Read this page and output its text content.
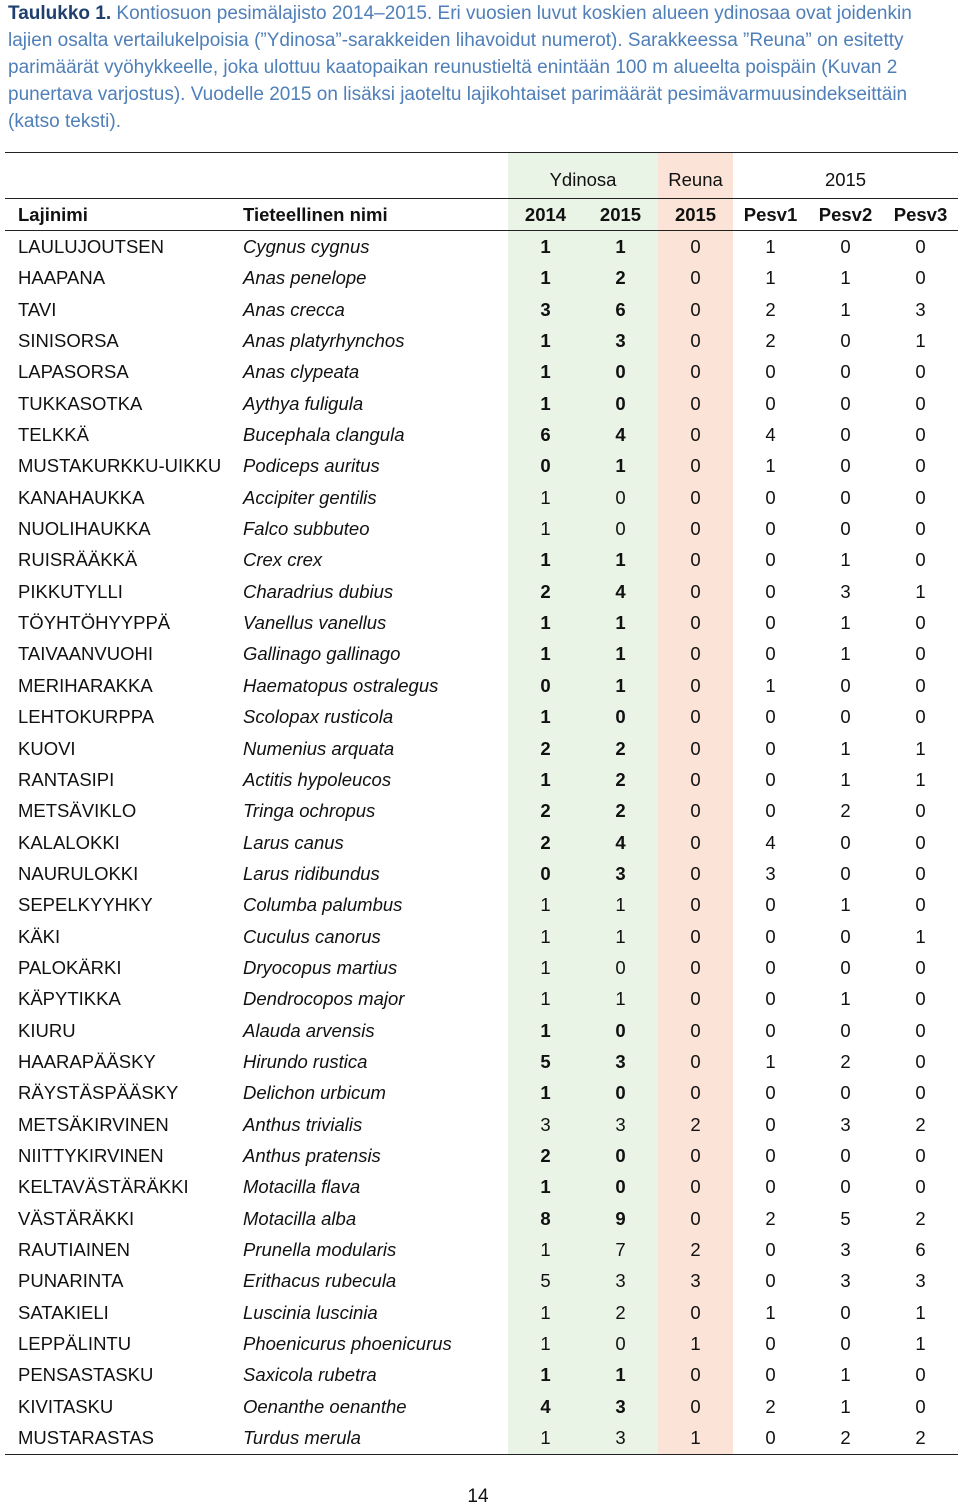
Taulukko 1. Kontiosuon pesimälajisto 2014–2015. Eri vuosien luvut koskien alueen ydinosaa ovat joidenkin lajien osalta vertailukelpoisia (”Ydinosa”-sarakkeiden lihavoidut numerot). Sarakkeessa ”Reuna” on esitetty parimäärät vyöhykkeelle, joka ulottuu kaatopaikan reunustieltä enintään 100 m alueelta poispäin (Kuvan 2 punertava varjostus). Vuodelle 2015 on lisäksi jaoteltu lajikohtaiset parimäärät pesimävarmuusindekseittäin (katso teksti).
		Ydinosa		Reuna	2015		
Lajinimi	Tieteellinen nimi	2014	2015	2015	Pesv1	Pesv2	Pesv3
LAULUJOUTSEN	Cygnus cygnus	1	1	0	1	0	0
HAAPANA	Anas penelope	1	2	0	1	1	0
TAVI	Anas crecca	3	6	0	2	1	3
SINISORSA	Anas platyrhynchos	1	3	0	2	0	1
LAPASORSA	Anas clypeata	1	0	0	0	0	0
TUKKASOTKA	Aythya fuligula	1	0	0	0	0	0
TELKKÄ	Bucephala clangula	6	4	0	4	0	0
MUSTAKURKKU-UIKKU	Podiceps auritus	0	1	0	1	0	0
KANAHAUKKA	Accipiter gentilis	1	0	0	0	0	0
NUOLIHAUKKA	Falco subbuteo	1	0	0	0	0	0
RUISRÄÄKKÄ	Crex crex	1	1	0	0	1	0
PIKKUTYLLI	Charadrius dubius	2	4	0	0	3	1
TÖYHTÖHYYPPÄ	Vanellus vanellus	1	1	0	0	1	0
TAIVAANVUOHI	Gallinago gallinago	1	1	0	0	1	0
MERIHARAKKA	Haematopus ostralegus	0	1	0	1	0	0
LEHTOKURPPA	Scolopax rusticola	1	0	0	0	0	0
KUOVI	Numenius arquata	2	2	0	0	1	1
RANTASIPI	Actitis hypoleucos	1	2	0	0	1	1
METSÄVIKLO	Tringa ochropus	2	2	0	0	2	0
KALALOKKI	Larus canus	2	4	0	4	0	0
NAURULOKKI	Larus ridibundus	0	3	0	3	0	0
SEPELKYYHKY	Columba palumbus	1	1	0	0	1	0
KÄKI	Cuculus canorus	1	1	0	0	0	1
PALOKÄRKI	Dryocopus martius	1	0	0	0	0	0
KÄPYTIKKA	Dendrocopos major	1	1	0	0	1	0
KIURU	Alauda arvensis	1	0	0	0	0	0
HAARAPÄÄSKY	Hirundo rustica	5	3	0	1	2	0
RÄYSTÄSPÄÄSKY	Delichon urbicum	1	0	0	0	0	0
METSÄKIRVINEN	Anthus trivialis	3	3	2	0	3	2
NIITTYKIRVINEN	Anthus pratensis	2	0	0	0	0	0
KELTAVÄSTÄRÄKKI	Motacilla flava	1	0	0	0	0	0
VÄSTÄRÄKKI	Motacilla alba	8	9	0	2	5	2
RAUTIAINEN	Prunella modularis	1	7	2	0	3	6
PUNARINTA	Erithacus rubecula	5	3	3	0	3	3
SATAKIELI	Luscinia luscinia	1	2	0	1	0	1
LEPPÄLINTU	Phoenicurus phoenicurus	1	0	1	0	0	1
PENSASTASKU	Saxicola rubetra	1	1	0	0	1	0
KIVITASKU	Oenanthe oenanthe	4	3	0	2	1	0
MUSTARASTAS	Turdus merula	1	3	1	0	2	2
14
